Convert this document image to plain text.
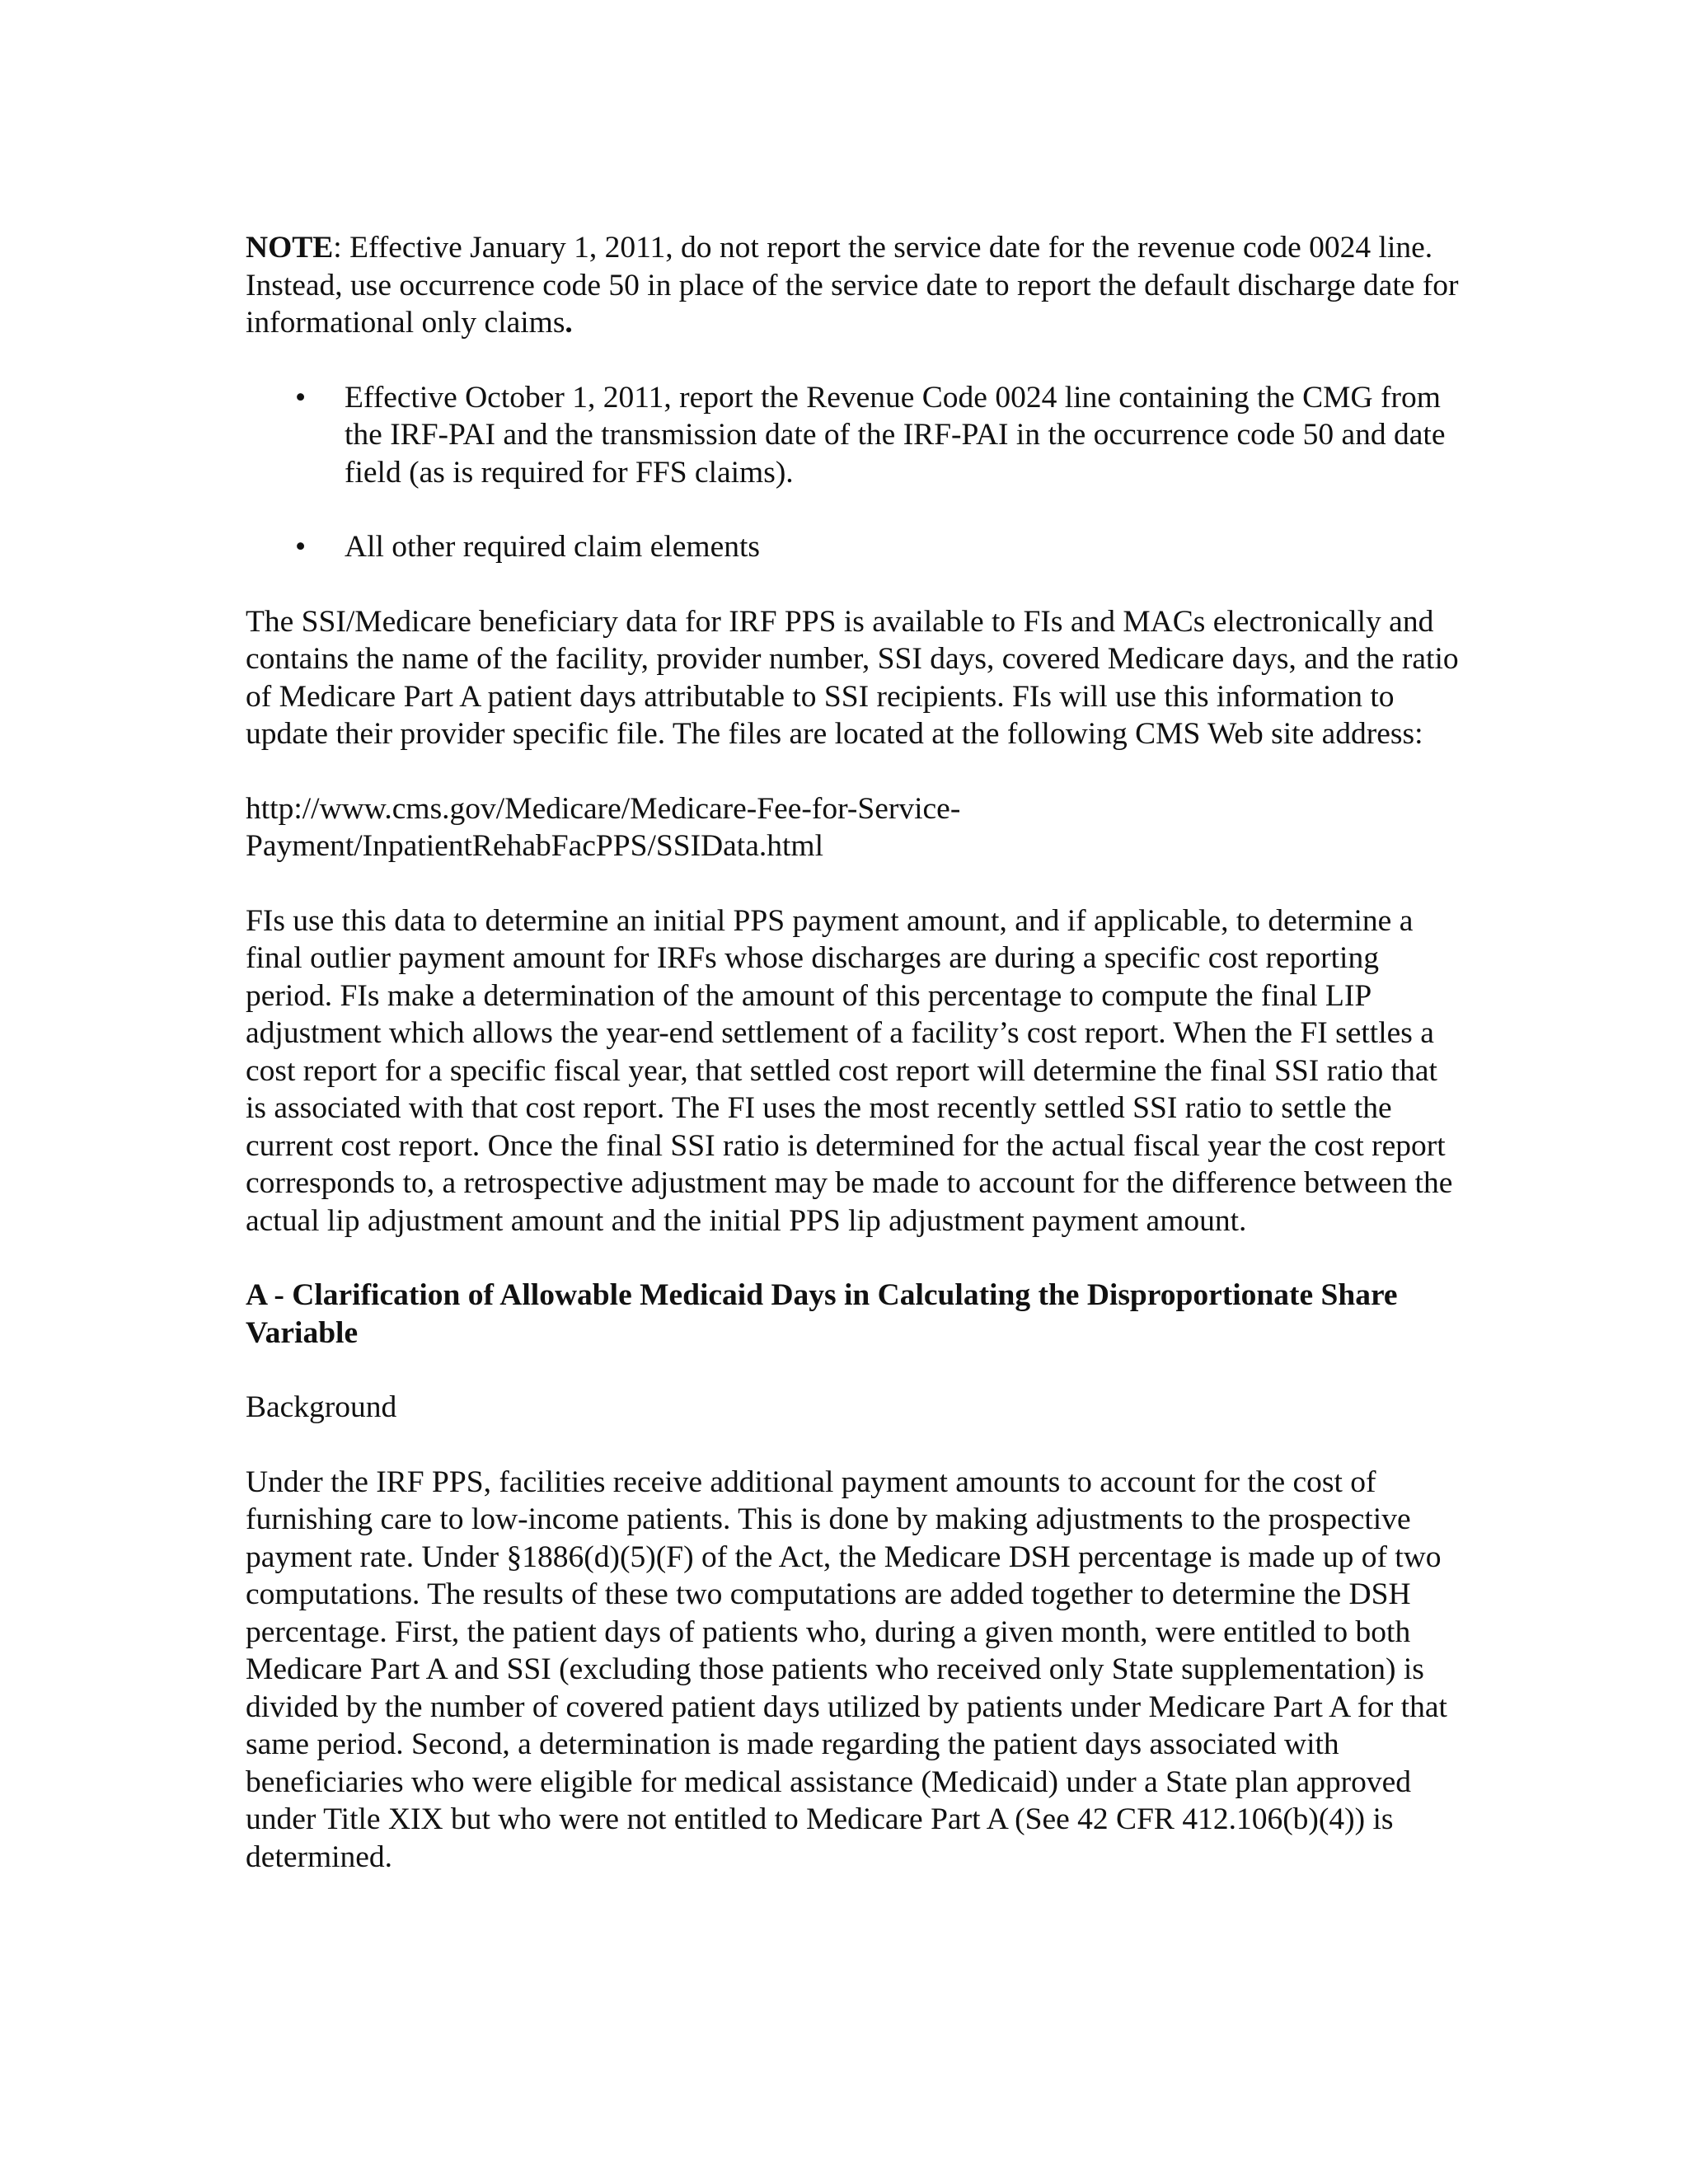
NOTE: Effective January 1, 2011, do not report the service date for the revenue code 0024 line. Instead, use occurrence code 50 in place of the service date to report the default discharge date for informational only claims.

• Effective October 1, 2011, report the Revenue Code 0024 line containing the CMG from the IRF-PAI and the transmission date of the IRF-PAI in the occurrence code 50 and date field (as is required for FFS claims).
• All other required claim elements

The SSI/Medicare beneficiary data for IRF PPS is available to FIs and MACs electronically and contains the name of the facility, provider number, SSI days, covered Medicare days, and the ratio of Medicare Part A patient days attributable to SSI recipients. FIs will use this information to update their provider specific file. The files are located at the following CMS Web site address:

http://www.cms.gov/Medicare/Medicare-Fee-for-Service-
Payment/InpatientRehabFacPPS/SSIData.html

FIs use this data to determine an initial PPS payment amount, and if applicable, to determine a final outlier payment amount for IRFs whose discharges are during a specific cost reporting period. FIs make a determination of the amount of this percentage to compute the final LIP adjustment which allows the year-end settlement of a facility’s cost report. When the FI settles a cost report for a specific fiscal year, that settled cost report will determine the final SSI ratio that is associated with that cost report. The FI uses the most recently settled SSI ratio to settle the current cost report. Once the final SSI ratio is determined for the actual fiscal year the cost report corresponds to, a retrospective adjustment may be made to account for the difference between the actual lip adjustment amount and the initial PPS lip adjustment payment amount.

A - Clarification of Allowable Medicaid Days in Calculating the Disproportionate Share Variable

Background

Under the IRF PPS, facilities receive additional payment amounts to account for the cost of furnishing care to low-income patients. This is done by making adjustments to the prospective payment rate. Under §1886(d)(5)(F) of the Act, the Medicare DSH percentage is made up of two computations. The results of these two computations are added together to determine the DSH percentage. First, the patient days of patients who, during a given month, were entitled to both Medicare Part A and SSI (excluding those patients who received only State supplementation) is divided by the number of covered patient days utilized by patients under Medicare Part A for that same period. Second, a determination is made regarding the patient days associated with beneficiaries who were eligible for medical assistance (Medicaid) under a State plan approved under Title XIX but who were not entitled to Medicare Part A (See 42 CFR 412.106(b)(4)) is determined.
